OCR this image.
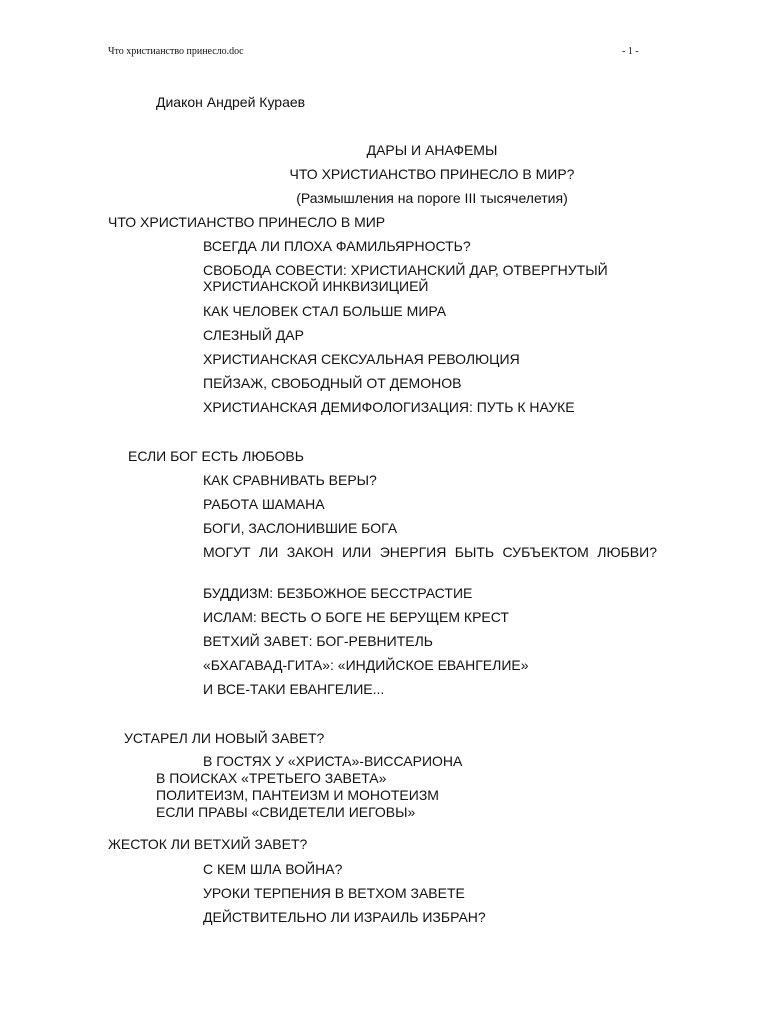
Что христианство принесло.doc	- 1 -
Диакон Андрей Кураев
ДАРЫ И АНАФЕМЫ
ЧТО ХРИСТИАНСТВО ПРИНЕСЛО В МИР?
(Размышления на пороге III тысячелетия)
ЧТО ХРИСТИАНСТВО ПРИНЕСЛО В МИР
ВСЕГДА ЛИ ПЛОХА ФАМИЛЬЯРНОСТЬ?
СВОБОДА СОВЕСТИ: ХРИСТИАНСКИЙ ДАР, ОТВЕРГНУТЫЙ ХРИСТИАНСКОЙ ИНКВИЗИЦИЕЙ
КАК ЧЕЛОВЕК СТАЛ БОЛЬШЕ МИРА
СЛЕЗНЫЙ ДАР
ХРИСТИАНСКАЯ СЕКСУАЛЬНАЯ РЕВОЛЮЦИЯ
ПЕЙЗАЖ, СВОБОДНЫЙ ОТ ДЕМОНОВ
ХРИСТИАНСКАЯ ДЕМИФОЛОГИЗАЦИЯ: ПУТЬ К НАУКЕ
ЕСЛИ БОГ ЕСТЬ ЛЮБОВЬ
КАК СРАВНИВАТЬ ВЕРЫ?
РАБОТА ШАМАНА
БОГИ, ЗАСЛОНИВШИЕ БОГА
МОГУТ ЛИ ЗАКОН ИЛИ ЭНЕРГИЯ БЫТЬ СУБЪЕКТОМ ЛЮБВИ?
БУДДИЗМ: БЕЗБОЖНОЕ БЕССТРАСТИЕ
ИСЛАМ: ВЕСТЬ О БОГЕ НЕ БЕРУЩЕМ КРЕСТ
ВЕТХИЙ ЗАВЕТ: БОГ-РЕВНИТЕЛЬ
«БХАГАВАД-ГИТА»: «ИНДИЙСКОЕ ЕВАНГЕЛИЕ»
И ВСЕ-ТАКИ ЕВАНГЕЛИЕ...
УСТАРЕЛ ЛИ НОВЫЙ ЗАВЕТ?
В ГОСТЯХ У «ХРИСТА»-ВИССАРИОНА
В ПОИСКАХ «ТРЕТЬЕГО ЗАВЕТА»
ПОЛИТЕИЗМ, ПАНТЕИЗМ И МОНОТЕИЗМ
ЕСЛИ ПРАВЫ «СВИДЕТЕЛИ ИЕГОВЫ»
ЖЕСТОК ЛИ ВЕТХИЙ ЗАВЕТ?
С КЕМ ШЛА ВОЙНА?
УРОКИ ТЕРПЕНИЯ В ВЕТХОМ ЗАВЕТЕ
ДЕЙСТВИТЕЛЬНО ЛИ ИЗРАИЛЬ ИЗБРАН?
